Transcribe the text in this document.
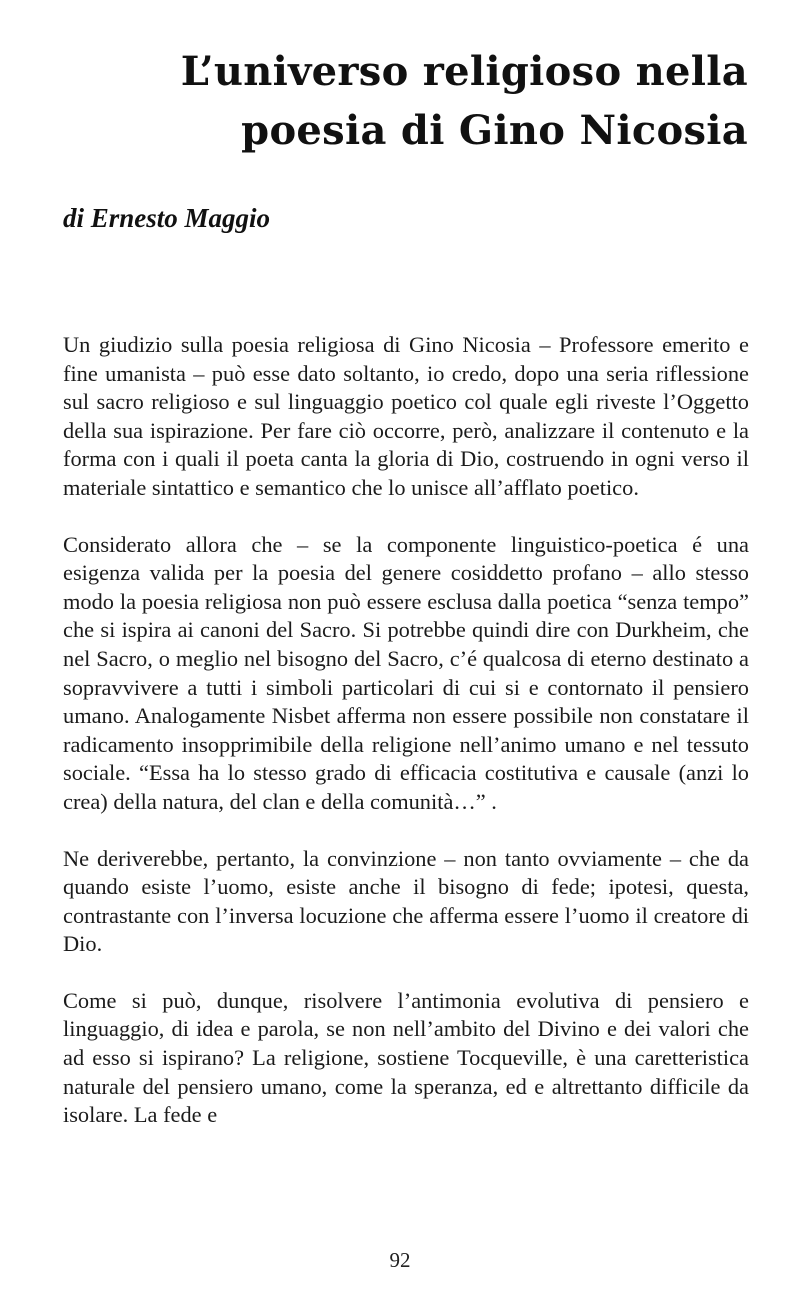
L’universo religioso nella
poesia di Gino Nicosia
di Ernesto Maggio

Un giudizio sulla poesia religiosa di Gino Nicosia – Professore emerito e fine umanista – può esse dato soltanto, io credo, dopo una seria riflessione sul sacro religioso e sul linguaggio poetico col quale egli riveste l’Oggetto della sua ispirazione. Per fare ciò occorre, però, analizzare il contenuto e la forma con i quali il poeta canta la gloria di Dio, costruendo in ogni verso il materiale sintattico e semantico che lo unisce all’afflato poetico.

Considerato allora che – se la componente linguistico-poetica é una esigenza valida per la poesia del genere cosiddetto profano – allo stesso modo la poesia religiosa non può essere esclusa dalla poetica “senza tempo” che si ispira ai canoni del Sacro. Si potrebbe quindi dire con Durkheim, che nel Sacro, o meglio nel bisogno del Sacro, c’é qualcosa di eterno destinato a sopravvivere a tutti i simboli particolari di cui si e contornato il pensiero umano. Analogamente Nisbet afferma non essere possibile non constatare il radicamento insopprimibile della religione nell’animo umano e nel tessuto sociale. “Essa ha lo stesso grado di efficacia costitutiva e causale (anzi lo crea) della natura, del clan e della comunità…” .

Ne deriverebbe, pertanto, la convinzione – non tanto ovviamente – che da quando esiste l’uomo, esiste anche il bisogno di fede; ipotesi, questa, contrastante con l’inversa locuzione che afferma essere l’uomo il creatore di Dio.

Come si può, dunque, risolvere l’antimonia evolutiva di pensiero e linguaggio, di idea e parola, se non nell’ambito del Divino e dei valori che ad esso si ispirano? La religione, sostiene Tocqueville, è una caretteristica naturale del pensiero umano, come la speranza, ed e altrettanto difficile da isolare. La fede e

92
